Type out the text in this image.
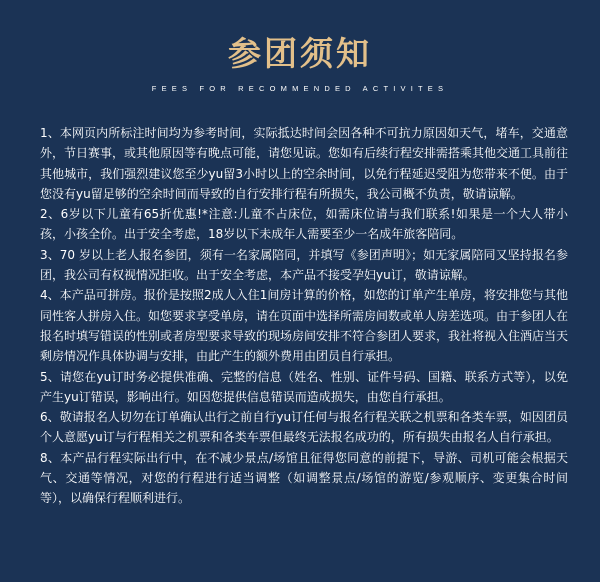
参团须知
FEES FOR RECOMMENDED ACTIVITES

1、本网页内所标注时间均为参考时间，实际抵达时间会因各种不可抗力原因如天气，堵车，交通意外，节日赛事，或其他原因等有晚点可能，请您见谅。您如有后续行程安排需搭乘其他交通工具前往其他城市，我们强烈建议您至少yu留3小时以上的空余时间，以免行程延迟受阻为您带来不便。由于您没有yu留足够的空余时间而导致的自行安排行程有所损失，我公司概不负责，敬请谅解。

2、6岁以下儿童有65折优惠!*注意:儿童不占床位，如需床位请与我们联系!如果是一个大人带小孩，小孩全价。出于安全考虑，18岁以下未成年人需要至少一名成年旅客陪同。

3、70 岁以上老人报名参团，须有一名家属陪同，并填写《参团声明》；如无家属陪同又坚持报名参团，我公司有权视情况拒收。出于安全考虑，本产品不接受孕妇yu订，敬请谅解。

4、本产品可拼房。报价是按照2成人入住1间房计算的价格，如您的订单产生单房，将安排您与其他同性客人拼房入住。如您要求享受单房，请在页面中选择所需房间数或单人房差选项。由于参团人在报名时填写错误的性别或者房型要求导致的现场房间安排不符合参团人要求，我社将视入住酒店当天剩房情况作具体协调与安排，由此产生的额外费用由团员自行承担。

5、请您在yu订时务必提供准确、完整的信息（姓名、性别、证件号码、国籍、联系方式等），以免产生yu订错误，影响出行。如因您提供信息错误而造成损失，由您自行承担。

6、敬请报名人切勿在订单确认出行之前自行yu订任何与报名行程关联之机票和各类车票，如因团员个人意愿yu订与行程相关之机票和各类车票但最终无法报名成功的，所有损失由报名人自行承担。

8、本产品行程实际出行中，在不减少景点/场馆且征得您同意的前提下，导游、司机可能会根据天气、交通等情况，对您的行程进行适当调整（如调整景点/场馆的游览/参观顺序、变更集合时间等），以确保行程顺利进行。
